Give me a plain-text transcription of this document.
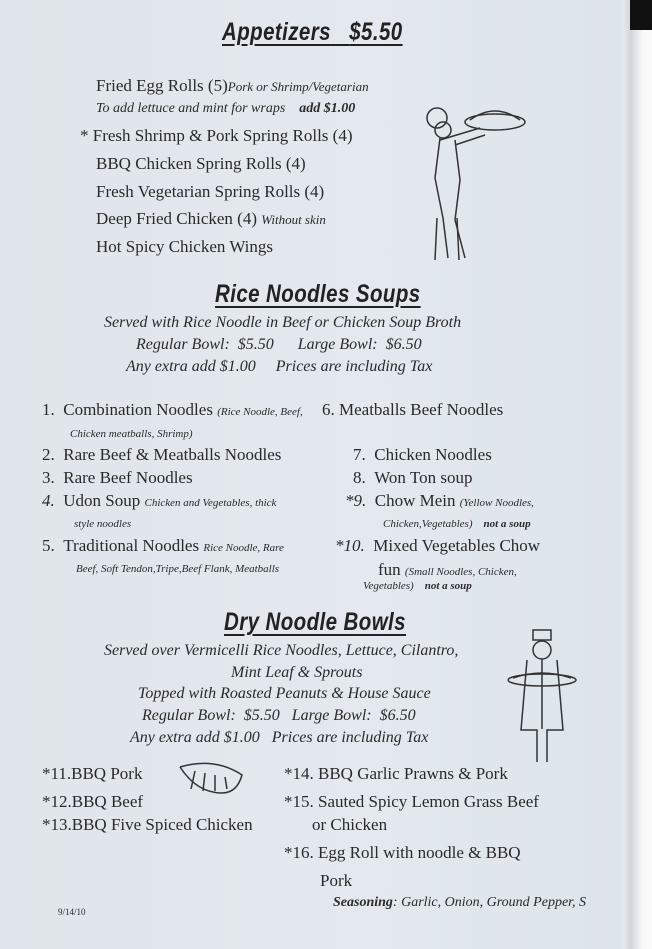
Appetizers $5.50
Fried Egg Rolls (5)Pork or Shrimp/Vegetarian
To add lettuce and mint for wraps add $1.00
* Fresh Shrimp & Pork Spring Rolls (4)
BBQ Chicken Spring Rolls (4)
Fresh Vegetarian Spring Rolls (4)
Deep Fried Chicken (4) Without skin
Hot Spicy Chicken Wings
Rice Noodles Soups
Served with Rice Noodle in Beef or Chicken Soup Broth
Regular Bowl:  $5.50      Large Bowl:  $6.50
Any extra add $1.00     Prices are including Tax
1. Combination Noodles (Rice Noodle, Beef,
Chicken meatballs, Shrimp)
2. Rare Beef & Meatballs Noodles
3. Rare Beef Noodles
4. Udon Soup Chicken and Vegetables, thick
style noodles
5. Traditional Noodles Rice Noodle, Rare
Beef, Soft Tendon,Tripe,Beef Flank, Meatballs
6. Meatballs Beef Noodles
7. Chicken Noodles
8. Won Ton soup
*9. Chow Mein (Yellow Noodles,
Chicken,Vegetables) not a soup
*10. Mixed Vegetables Chow
fun (Small Noodles, Chicken,
Vegetables) not a soup
Dry Noodle Bowls
Served over Vermicelli Rice Noodles, Lettuce, Cilantro,
Mint Leaf & Sprouts
Topped with Roasted Peanuts & House Sauce
Regular Bowl:  $5.50   Large Bowl:  $6.50
Any extra add $1.00   Prices are including Tax
*11.BBQ Pork
*12.BBQ Beef
*13.BBQ Five Spiced Chicken
*14. BBQ Garlic Prawns & Pork
*15. Sauted Spicy Lemon Grass Beef
or Chicken
*16. Egg Roll with noodle & BBQ
Pork
Seasoning: Garlic, Onion, Ground Pepper, S
9/14/10
